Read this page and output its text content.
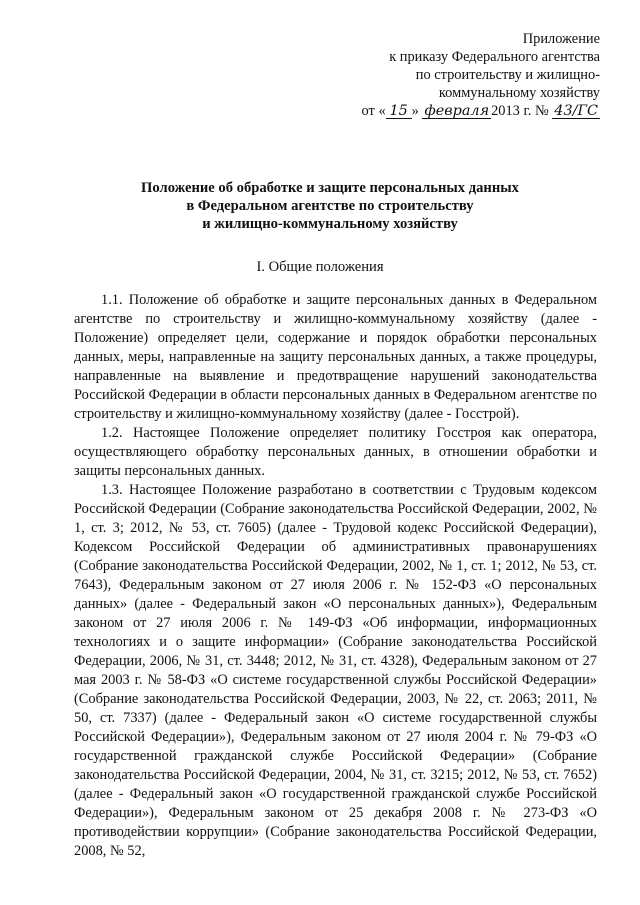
Приложение
к приказу Федерального агентства
по строительству и жилищно-
коммунальному хозяйству
от « 15 » февраля 2013 г. № 43/ГС
Положение об обработке и защите персональных данных
в Федеральном агентстве по строительству
и жилищно-коммунальному хозяйству
I. Общие положения

1.1. Положение об обработке и защите персональных данных в Федеральном агентстве по строительству и жилищно-коммунальному хозяйству (далее - Положение) определяет цели, содержание и порядок обработки персональных данных, меры, направленные на защиту персональных данных, а также процедуры, направленные на выявление и предотвращение нарушений законодательства Российской Федерации в области персональных данных в Федеральном агентстве по строительству и жилищно-коммунальному хозяйству (далее - Госстрой).

1.2. Настоящее Положение определяет политику Госстроя как оператора, осуществляющего обработку персональных данных, в отношении обработки и защиты персональных данных.

1.3. Настоящее Положение разработано в соответствии с Трудовым кодексом Российской Федерации (Собрание законодательства Российской Федерации, 2002, № 1, ст. 3; 2012, № 53, ст. 7605) (далее - Трудовой кодекс Российской Федерации), Кодексом Российской Федерации об административных правонарушениях (Собрание законодательства Российской Федерации, 2002, № 1, ст. 1; 2012, № 53, ст. 7643), Федеральным законом от 27 июля 2006 г. № 152-ФЗ «О персональных данных» (далее - Федеральный закон «О персональных данных»), Федеральным законом от 27 июля 2006 г. № 149-ФЗ «Об информации, информационных технологиях и о защите информации» (Собрание законодательства Российской Федерации, 2006, № 31, ст. 3448; 2012, № 31, ст. 4328), Федеральным законом от 27 мая 2003 г. № 58-ФЗ «О системе государственной службы Российской Федерации» (Собрание законодательства Российской Федерации, 2003, № 22, ст. 2063; 2011, № 50, ст. 7337) (далее - Федеральный закон «О системе государственной службы Российской Федерации»), Федеральным законом от 27 июля 2004 г. № 79-ФЗ «О государственной гражданской службе Российской Федерации» (Собрание законодательства Российской Федерации, 2004, № 31, ст. 3215; 2012, № 53, ст. 7652) (далее - Федеральный закон «О государственной гражданской службе Российской Федерации»), Федеральным законом от 25 декабря 2008 г. № 273-ФЗ «О противодействии коррупции» (Собрание законодательства Российской Федерации, 2008, № 52,
